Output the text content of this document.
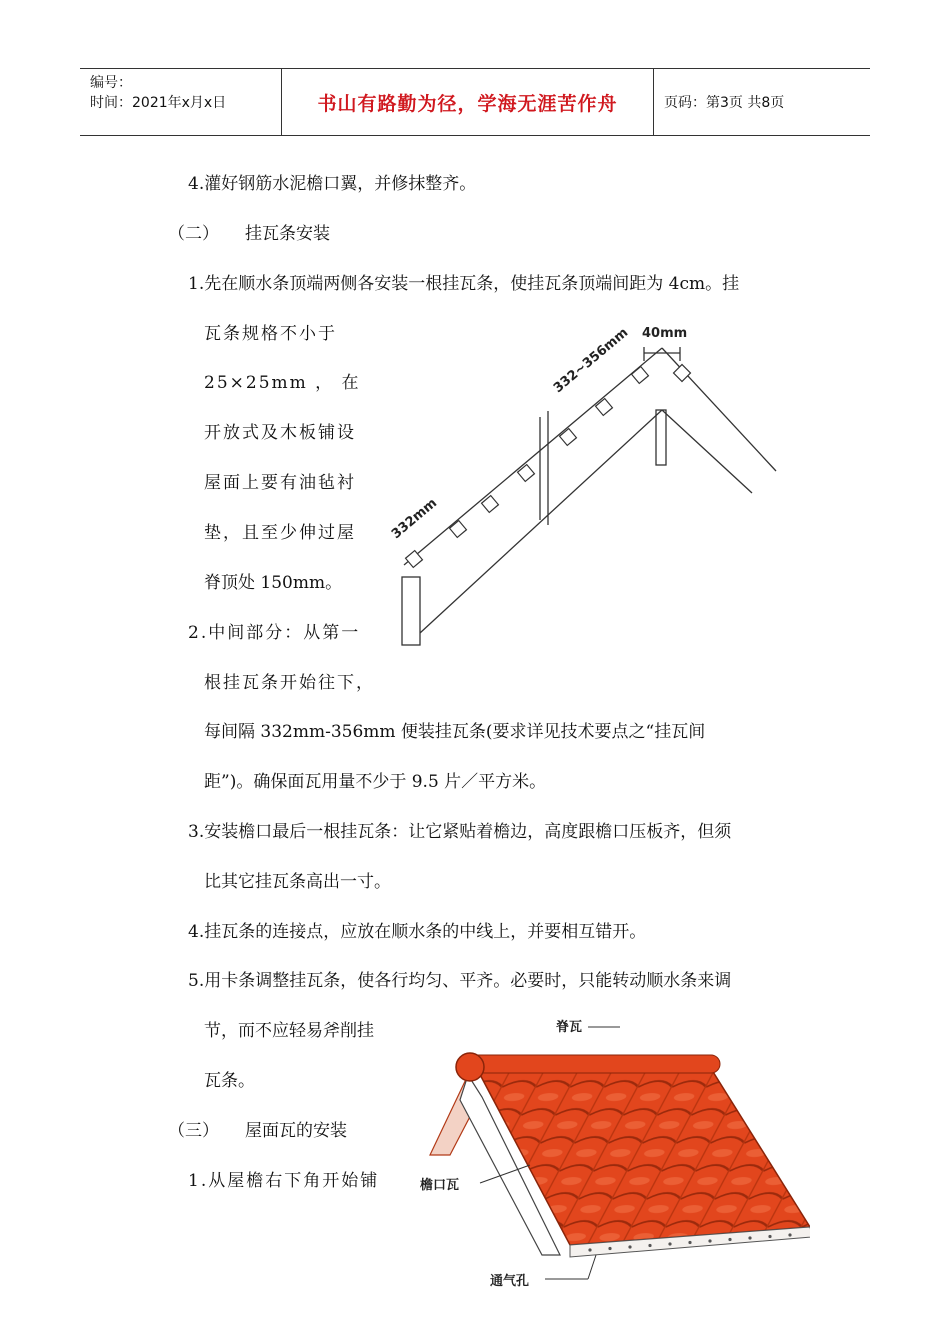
编号：
时间：2021年x月x日	书山有路勤为径，学海无涯苦作舟	页码：第3页 共8页
4.灌好钢筋水泥檐口翼，并修抹整齐。
（二） 挂瓦条安装
1.先在顺水条顶端两侧各安装一根挂瓦条，使挂瓦条顶端间距为 4cm。挂
瓦条规格不小于
25×25mm ， 在
开放式及木板铺设
屋面上要有油毡衬
垫，且至少伸过屋
脊顶处 150mm。
2.中间部分：从第一
根挂瓦条开始往下，
每间隔 332mm-356mm 便装挂瓦条(要求详见技术要点之“挂瓦间
距”)。确保面瓦用量不少于 9.5 片／平方米。
3.安装檐口最后一根挂瓦条：让它紧贴着檐边，高度跟檐口压板齐，但须
比其它挂瓦条高出一寸。
4.挂瓦条的连接点，应放在顺水条的中线上，并要相互错开。
5.用卡条调整挂瓦条，使各行均匀、平齐。必要时，只能转动顺水条来调
节，而不应轻易斧削挂
瓦条。
（三） 屋面瓦的安装
1.从屋檐右下角开始铺
40mm
332~356mm
332mm
脊瓦
檐口瓦
通气孔
